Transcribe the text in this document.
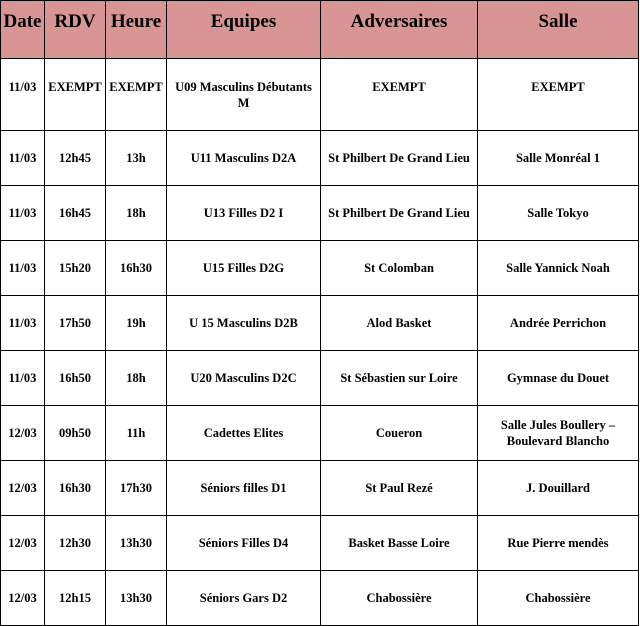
Date	RDV	Heure	Equipes	Adversaires	Salle
11/03	EXEMPT	EXEMPT	U09 Masculins Débutants M	EXEMPT	EXEMPT
11/03	12h45	13h	U11 Masculins D2A	St Philbert De Grand Lieu	Salle Monréal 1
11/03	16h45	18h	U13 Filles D2 I	St Philbert De Grand Lieu	Salle Tokyo
11/03	15h20	16h30	U15 Filles D2G	St Colomban	Salle Yannick Noah
11/03	17h50	19h	U 15 Masculins D2B	Alod Basket	Andrée Perrichon
11/03	16h50	18h	U20 Masculins D2C	St Sébastien sur Loire	Gymnase du Douet
12/03	09h50	11h	Cadettes Elites	Coueron	Salle Jules Boullery – Boulevard Blancho
12/03	16h30	17h30	Séniors filles D1	St Paul Rezé	J. Douillard
12/03	12h30	13h30	Séniors Filles D4	Basket Basse Loire	Rue Pierre mendès
12/03	12h15	13h30	Séniors Gars D2	Chabossière	Chabossière
